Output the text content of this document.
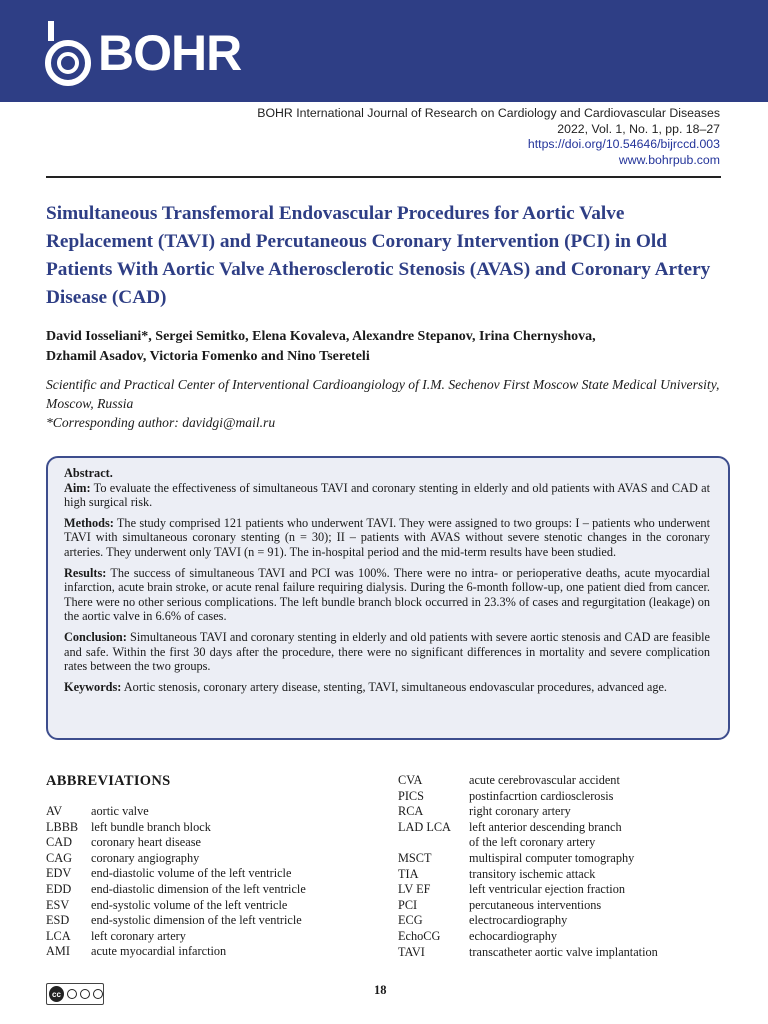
BOHR
BOHR International Journal of Research on Cardiology and Cardiovascular Diseases
2022, Vol. 1, No. 1, pp. 18–27
https://doi.org/10.54646/bijrccd.003
www.bohrpub.com
Simultaneous Transfemoral Endovascular Procedures for Aortic Valve Replacement (TAVI) and Percutaneous Coronary Intervention (PCI) in Old Patients With Aortic Valve Atherosclerotic Stenosis (AVAS) and Coronary Artery Disease (CAD)
David Iosseliani*, Sergei Semitko, Elena Kovaleva, Alexandre Stepanov, Irina Chernyshova,
Dzhamil Asadov, Victoria Fomenko and Nino Tsereteli
Scientific and Practical Center of Interventional Cardioangiology of I.M. Sechenov First Moscow State Medical University, Moscow, Russia
*Corresponding author: davidgi@mail.ru

Abstract.
Aim: To evaluate the effectiveness of simultaneous TAVI and coronary stenting in elderly and old patients with AVAS and CAD at high surgical risk.

Methods: The study comprised 121 patients who underwent TAVI. They were assigned to two groups: I – patients who underwent TAVI with simultaneous coronary stenting (n = 30); II – patients with AVAS without severe stenotic changes in the coronary arteries. They underwent only TAVI (n = 91). The in-hospital period and the mid-term results have been studied.

Results: The success of simultaneous TAVI and PCI was 100%. There were no intra- or perioperative deaths, acute myocardial infarction, acute brain stroke, or acute renal failure requiring dialysis. During the 6-month follow-up, one patient died from cancer. There were no other serious complications. The left bundle branch block occurred in 23.3% of cases and regurgitation (leakage) on the aortic valve in 6.6% of cases.

Conclusion: Simultaneous TAVI and coronary stenting in elderly and old patients with severe aortic stenosis and CAD are feasible and safe. Within the first 30 days after the procedure, there were no significant differences in mortality and severe complication rates between the two groups.

Keywords: Aortic stenosis, coronary artery disease, stenting, TAVI, simultaneous endovascular procedures, advanced age.

ABBREVIATIONS
AV	aortic valve
LBBB	left bundle branch block
CAD	coronary heart disease
CAG	coronary angiography
EDV	end-diastolic volume of the left ventricle
EDD	end-diastolic dimension of the left ventricle
ESV	end-systolic volume of the left ventricle
ESD	end-systolic dimension of the left ventricle
LCA	left coronary artery
AMI	acute myocardial infarction
CVA	acute cerebrovascular accident
PICS	postinfacrtion cardiosclerosis
RCA	right coronary artery
LAD LCA	left anterior descending branch
of the left coronary artery
MSCT	multispiral computer tomography
TIA	transitory ischemic attack
LV EF	left ventricular ejection fraction
PCI	percutaneous interventions
ECG	electrocardiography
EchoCG	echocardiography
TAVI	transcatheter aortic valve implantation
cc	18
